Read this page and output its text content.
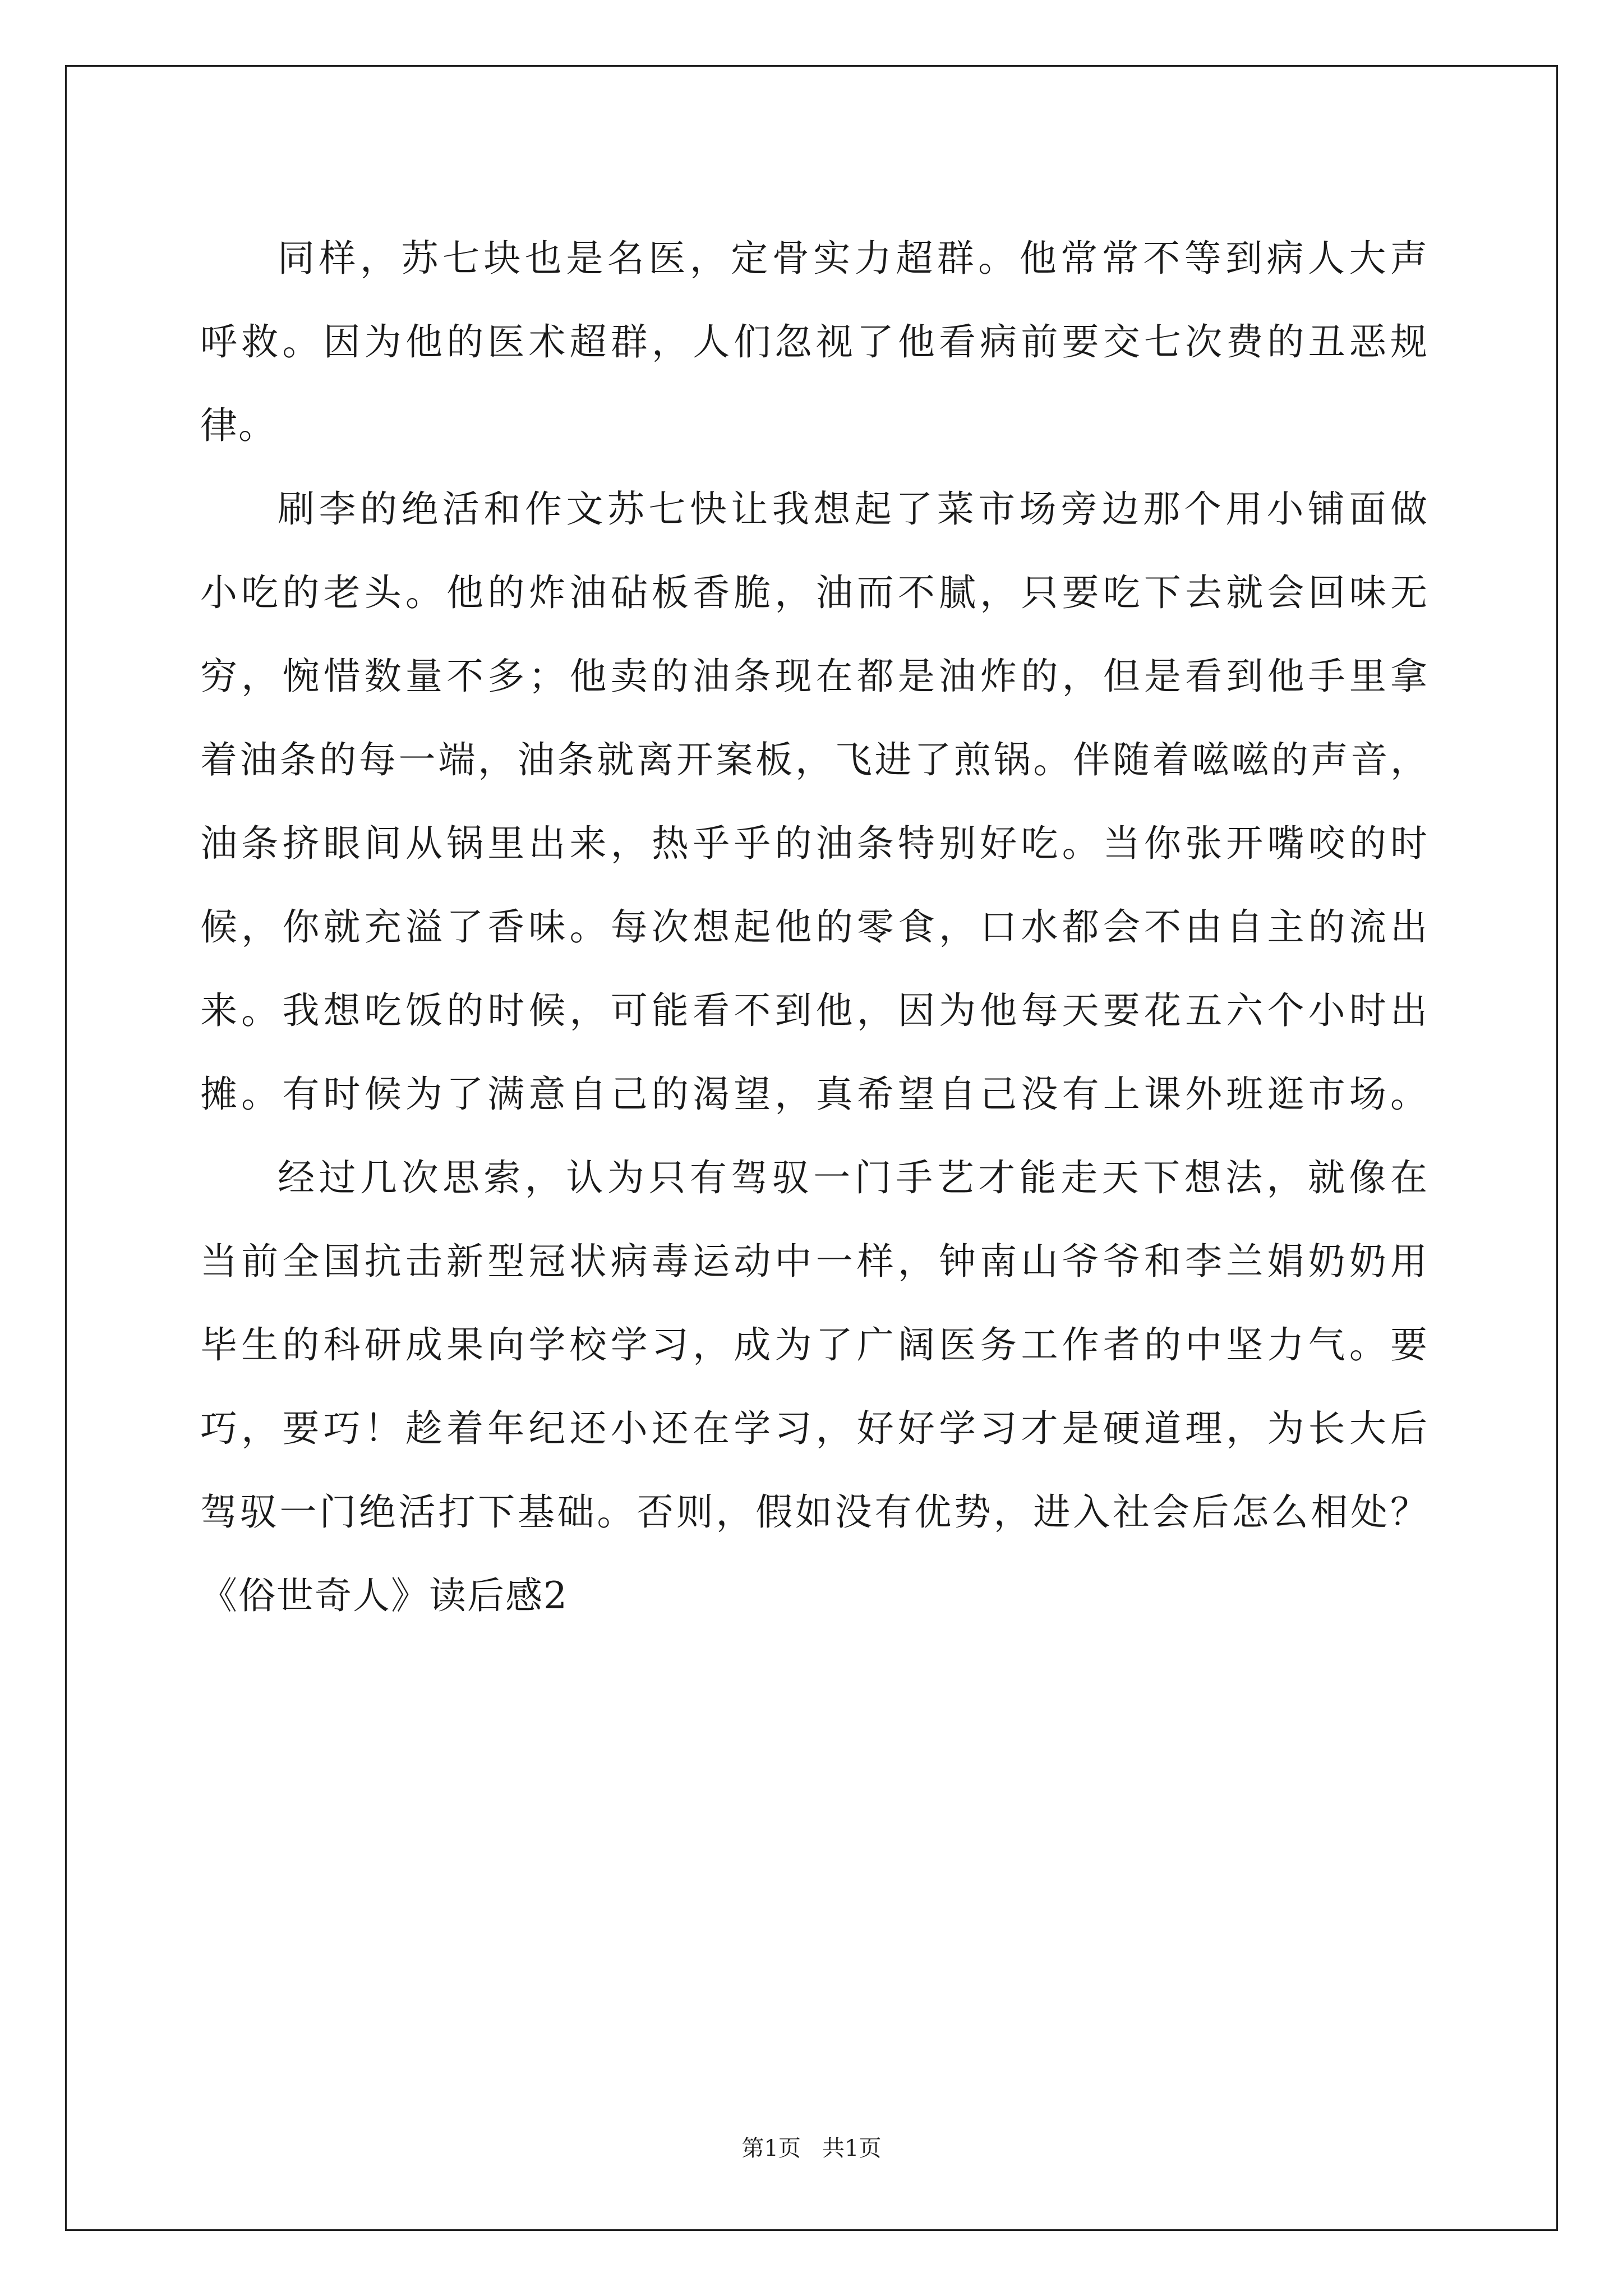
同样，苏七块也是名医，定骨实力超群。他常常不等到病人大声
呼救。因为他的医术超群，人们忽视了他看病前要交七次费的丑恶规
律。
刷李的绝活和作文苏七快让我想起了菜市场旁边那个用小铺面做
小吃的老头。他的炸油砧板香脆，油而不腻，只要吃下去就会回味无
穷，惋惜数量不多；他卖的油条现在都是油炸的，但是看到他手里拿
着油条的每一端，油条就离开案板，飞进了煎锅。伴随着嗞嗞的声音，
油条挤眼间从锅里出来，热乎乎的油条特别好吃。当你张开嘴咬的时
候，你就充溢了香味。每次想起他的零食，口水都会不由自主的流出
来。我想吃饭的时候，可能看不到他，因为他每天要花五六个小时出
摊。有时候为了满意自己的渴望，真希望自己没有上课外班逛市场。
经过几次思索，认为只有驾驭一门手艺才能走天下想法，就像在
当前全国抗击新型冠状病毒运动中一样，钟南山爷爷和李兰娟奶奶用
毕生的科研成果向学校学习，成为了广阔医务工作者的中坚力气。要
巧，要巧！趁着年纪还小还在学习，好好学习才是硬道理，为长大后
驾驭一门绝活打下基础。否则，假如没有优势，进入社会后怎么相处？
《俗世奇人》读后感2
第1页   共1页
